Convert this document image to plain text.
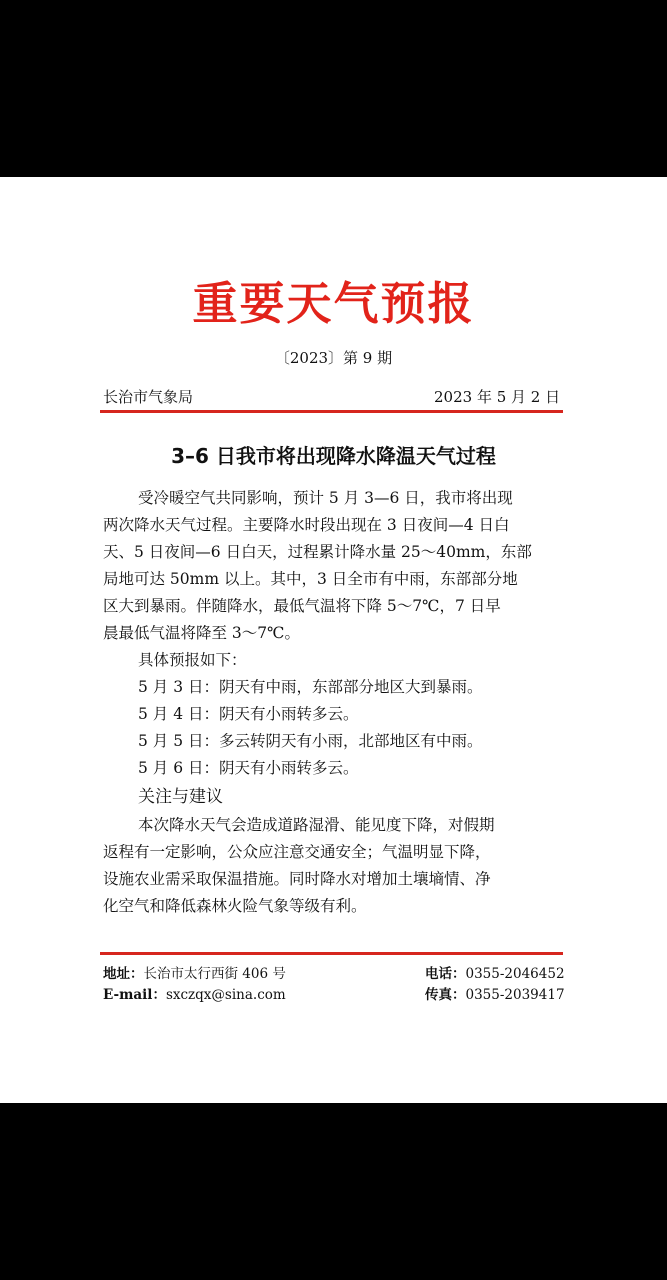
重要天气预报
〔2023〕第 9 期
长治市气象局	2023 年 5 月 2 日
3–6 日我市将出现降水降温天气过程
受冷暖空气共同影响，预计 5 月 3—6 日，我市将出现
两次降水天气过程。主要降水时段出现在 3 日夜间—4 日白
天、5 日夜间—6 日白天，过程累计降水量 25～40mm，东部
局地可达 50mm 以上。其中，3 日全市有中雨，东部部分地
区大到暴雨。伴随降水，最低气温将下降 5～7℃，7 日早
晨最低气温将降至 3～7℃。
具体预报如下：
5 月 3 日：阴天有中雨，东部部分地区大到暴雨。
5 月 4 日：阴天有小雨转多云。
5 月 5 日：多云转阴天有小雨，北部地区有中雨。
5 月 6 日：阴天有小雨转多云。
关注与建议
本次降水天气会造成道路湿滑、能见度下降，对假期
返程有一定影响，公众应注意交通安全；气温明显下降，
设施农业需采取保温措施。同时降水对增加土壤墒情、净
化空气和降低森林火险气象等级有利。
地址：长治市太行西街 406 号	电话：0355-2046452
E-mail：sxczqx@sina.com	传真：0355-2039417
